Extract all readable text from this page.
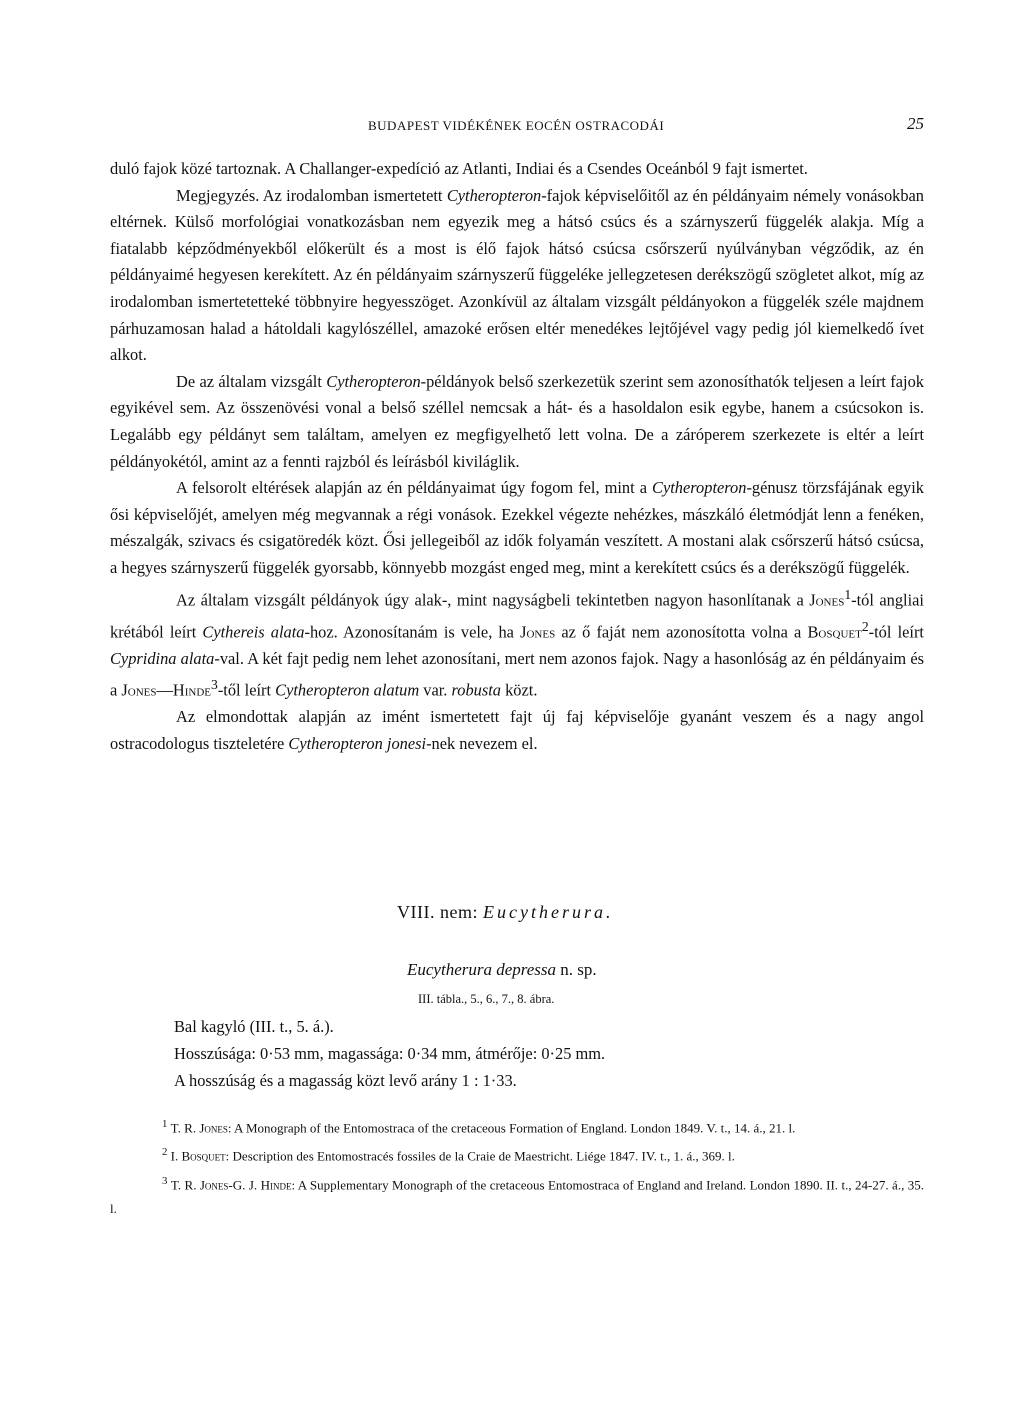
BUDAPEST VIDÉKÉNEK EOCÉN OSTRACODÁI	25

duló fajok közé tartoznak. A Challanger-expedíció az Atlanti, Indiai és a Csendes Oceánból 9 fajt ismertet.

Megjegyzés. Az irodalomban ismertetett Cytheropteron-fajok képviselőitől az én példányaim némely vonásokban eltérnek. Külső morfológiai vonatkozásban nem egyezik meg a hátsó csúcs és a szárnyszerű függelék alakja. Míg a fiatalabb képződményekből előkerült és a most is élő fajok hátsó csúcsa csőrszerű nyúlványban végződik, az én példányaimé hegyesen kerekített. Az én példányaim szárnyszerű függeléke jellegzetesen derékszögű szögletet alkot, míg az irodalomban ismertetetteké többnyire hegyesszöget. Azonkívül az általam vizsgált példányokon a függelék széle majdnem párhuzamosan halad a hátoldali kagylószéllel, amazoké erősen eltér menedékes lejtőjével vagy pedig jól kiemelkedő ívet alkot.

De az általam vizsgált Cytheropteron-példányok belső szerkezetük szerint sem azonosíthatók teljesen a leírt fajok egyikével sem. Az összenövési vonal a belső széllel nemcsak a hát- és a hasoldalon esik egybe, hanem a csúcsokon is. Legalább egy példányt sem találtam, amelyen ez megfigyelhető lett volna. De a záróperem szerkezete is eltér a leírt példányokétól, amint az a fennti rajzból és leírásból kiviláglik.

A felsorolt eltérések alapján az én példányaimat úgy fogom fel, mint a Cytheropteron-génusz törzsfájának egyik ősi képviselőjét, amelyen még megvannak a régi vonások. Ezekkel végezte nehézkes, mászkáló életmódját lenn a fenéken, mészalgák, szivacs és csigatöredék közt. Ősi jellegeiből az idők folyamán veszített. A mostani alak csőrszerű hátsó csúcsa, a hegyes szárnyszerű függelék gyorsabb, könnyebb mozgást enged meg, mint a kerekített csúcs és a derékszögű függelék.

Az általam vizsgált példányok úgy alak-, mint nagyságbeli tekintetben nagyon hasonlítanak a Jones$^1$-tól angliai krétából leírt Cythereis alata-hoz. Azonosítanám is vele, ha Jones az ő faját nem azonosította volna a Bosquet$^2$-tól leírt Cypridina alata-val. A két fajt pedig nem lehet azonosítani, mert nem azonos fajok. Nagy a hasonlóság az én példányaim és a Jones—Hinde$^3$-től leírt Cytheropteron alatum var. robusta közt.

Az elmondottak alapján az imént ismertetett fajt új faj képviselője gyanánt veszem és a nagy angol ostracodologus tiszteletére Cytheropteron jonesi-nek nevezem el.

VIII. nem: Eucytherura.
Eucytherura depressa n. sp.
III. tábla., 5., 6., 7., 8. ábra.
Bal kagyló (III. t., 5. á.).
Hosszúsága: 0·53 mm, magassága: 0·34 mm, átmérője: 0·25 mm.
A hosszúság és a magasság közt levő arány 1 : 1·33.

$^1$ T. R. Jones: A Monograph of the Entomostraca of the cretaceous Formation of England. London 1849. V. t., 14. á., 21. l.

$^2$ I. Bosquet: Description des Entomostracés fossiles de la Craie de Maestricht. Liége 1847. IV. t., 1. á., 369. l.

$^3$ T. R. Jones-G. J. Hinde: A Supplementary Monograph of the cretaceous Entomostraca of England and Ireland. London 1890. II. t., 24-27. á., 35. l.
